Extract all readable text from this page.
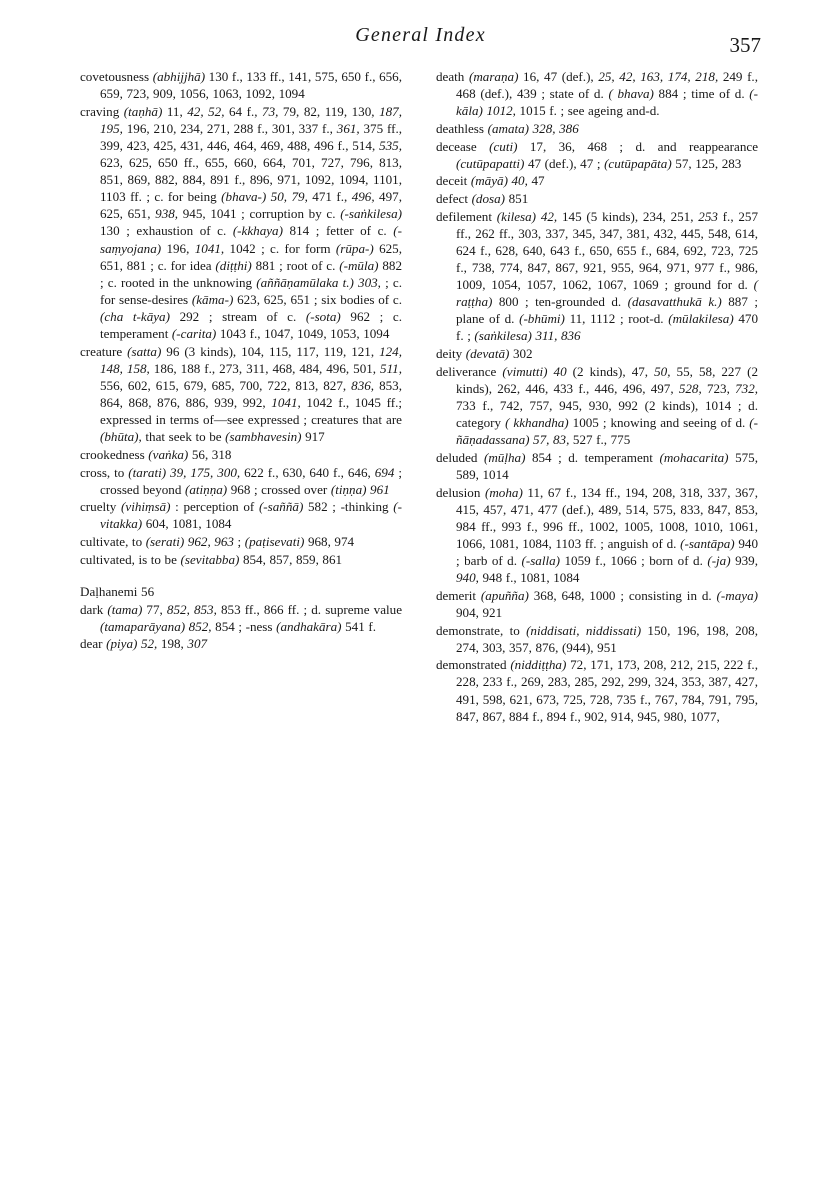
General Index	357

covetousness (abhijjhā) 130 f., 133 ff., 141, 575, 650 f., 656, 659, 723, 909, 1056, 1063, 1092, 1094

craving (taṇhā) 11, 42, 52, 64 f., 73, 79, 82, 119, 130, 187, 195, 196, 210, 234, 271, 288 f., 301, 337 f., 361, 375 ff., 399, 423, 425, 431, 446, 464, 469, 488, 496 f., 514, 535, 623, 625, 650 ff., 655, 660, 664, 701, 727, 796, 813, 851, 869, 882, 884, 891 f., 896, 971, 1092, 1094, 1101, 1103 ff. ; c. for being (bhava-) 50, 79, 471 f., 496, 497, 625, 651, 938, 945, 1041 ; corruption by c. (-saṅkilesa) 130 ; exhaustion of c. (-kkhaya) 814 ; fetter of c. (-saṃyojana) 196, 1041, 1042 ; c. for form (rūpa-) 625, 651, 881 ; c. for idea (diṭṭhi) 881 ; root of c. (-mūla) 882 ; c. rooted in the unknowing (aññāṇamūlaka t.) 303, ; c. for sense-desires (kāma-) 623, 625, 651 ; six bodies of c. (cha t-kāya) 292 ; stream of c. (-sota) 962 ; c. temperament (-carita) 1043 f., 1047, 1049, 1053, 1094

creature (satta) 96 (3 kinds), 104, 115, 117, 119, 121, 124, 148, 158, 186, 188 f., 273, 311, 468, 484, 496, 501, 511, 556, 602, 615, 679, 685, 700, 722, 813, 827, 836, 853, 864, 868, 876, 886, 939, 992, 1041, 1042 f., 1045 ff.; expressed in terms of—see expressed ; creatures that are (bhūta), that seek to be (sambhavesin) 917

crookedness (vaṅka) 56, 318

cross, to (tarati) 39, 175, 300, 622 f., 630, 640 f., 646, 694 ; crossed beyond (atiṇṇa) 968 ; crossed over (tiṇṇa) 961

cruelty (vihiṃsā) : perception of (-saññā) 582 ; -thinking (-vitakka) 604, 1081, 1084

cultivate, to (serati) 962, 963 ; (paṭisevati) 968, 974

cultivated, is to be (sevitabba) 854, 857, 859, 861

Daḷhanemi 56

dark (tama) 77, 852, 853, 853 ff., 866 ff. ; d. supreme value (tamaparāyana) 852, 854 ; -ness (andhakāra) 541 f.

dear (piya) 52, 198, 307

death (maraṇa) 16, 47 (def.), 25, 42, 163, 174, 218, 249 f., 468 (def.), 439 ; state of d. ( bhava) 884 ; time of d. (-kāla) 1012, 1015 f. ; see ageing and-d.

deathless (amata) 328, 386

decease (cuti) 17, 36, 468 ; d. and reappearance (cutūpapatti) 47 (def.), 47 ; (cutūpapāta) 57, 125, 283

deceit (māyā) 40, 47

defect (dosa) 851

defilement (kilesa) 42, 145 (5 kinds), 234, 251, 253 f., 257 ff., 262 ff., 303, 337, 345, 347, 381, 432, 445, 548, 614, 624 f., 628, 640, 643 f., 650, 655 f., 684, 692, 723, 725 f., 738, 774, 847, 867, 921, 955, 964, 971, 977 f., 986, 1009, 1054, 1057, 1062, 1067, 1069 ; ground for d. ( raṭṭha) 800 ; ten-grounded d. (dasavatthukā k.) 887 ; plane of d. (-bhūmi) 11, 1112 ; root-d. (mūlakilesa) 470 f. ; (saṅkilesa) 311, 836

deity (devatā) 302

deliverance (vimutti) 40 (2 kinds), 47, 50, 55, 58, 227 (2 kinds), 262, 446, 433 f., 446, 496, 497, 528, 723, 732, 733 f., 742, 757, 945, 930, 992 (2 kinds), 1014 ; d. category ( kkhandha) 1005 ; knowing and seeing of d. (-ñāṇadassana) 57, 83, 527 f., 775

deluded (mūḷha) 854 ; d. temperament (mohacarita) 575, 589, 1014

delusion (moha) 11, 67 f., 134 ff., 194, 208, 318, 337, 367, 415, 457, 471, 477 (def.), 489, 514, 575, 833, 847, 853, 984 ff., 993 f., 996 ff., 1002, 1005, 1008, 1010, 1061, 1066, 1081, 1084, 1103 ff. ; anguish of d. (-santāpa) 940 ; barb of d. (-salla) 1059 f., 1066 ; born of d. (-ja) 939, 940, 948 f., 1081, 1084

demerit (apuñña) 368, 648, 1000 ; consisting in d. (-maya) 904, 921

demonstrate, to (niddisati, niddissati) 150, 196, 198, 208, 274, 303, 357, 876, (944), 951

demonstrated (niddiṭṭha) 72, 171, 173, 208, 212, 215, 222 f., 228, 233 f., 269, 283, 285, 292, 299, 324, 353, 387, 427, 491, 598, 621, 673, 725, 728, 735 f., 767, 784, 791, 795, 847, 867, 884 f., 894 f., 902, 914, 945, 980, 1077,
